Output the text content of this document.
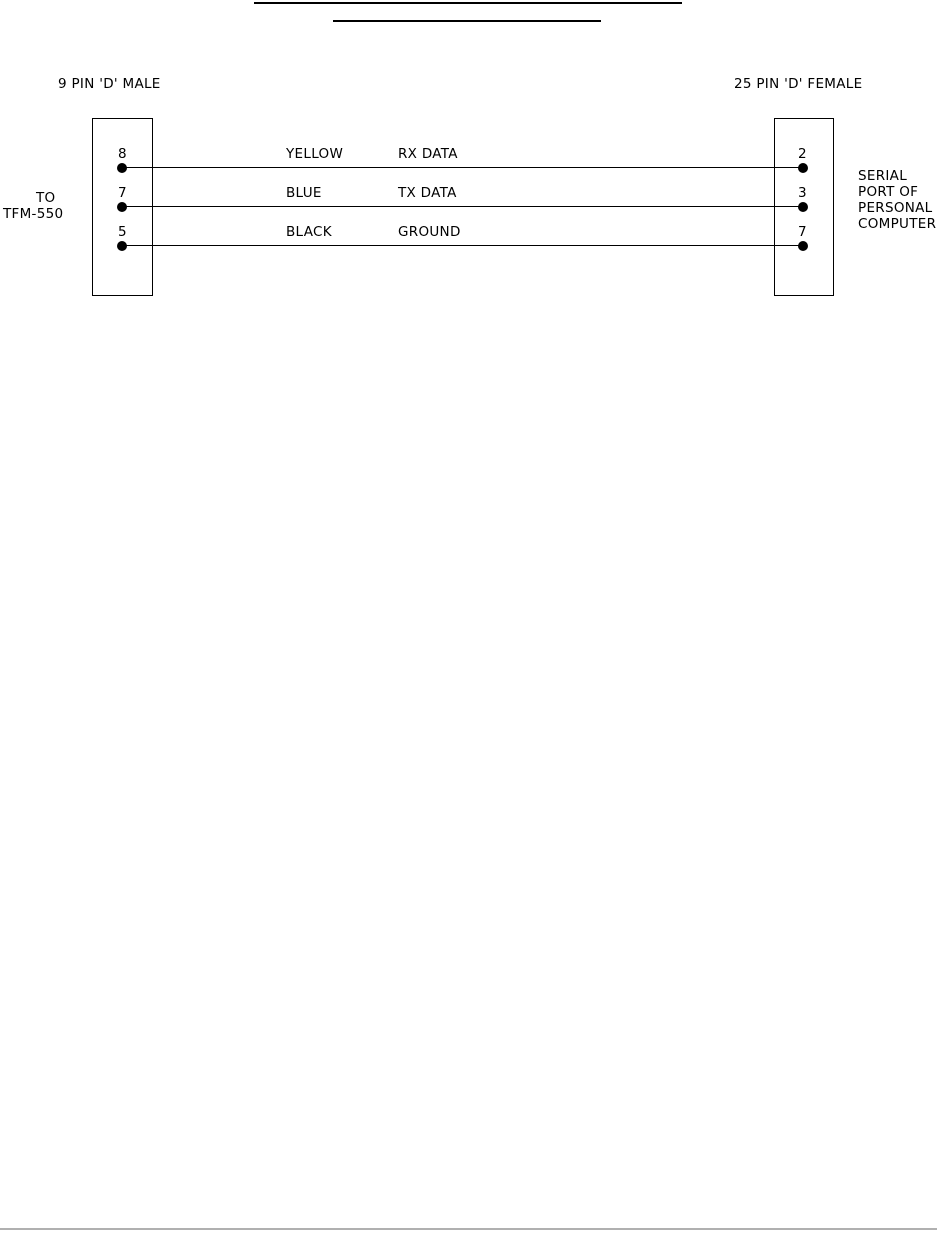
9 PIN 'D' MALE	25 PIN 'D' FEMALE
TO
TFM-550
SERIAL
PORT OF
PERSONAL
COMPUTER
8	YELLOW	RX DATA	2
7	BLUE	TX DATA	3
5	BLACK	GROUND	7
